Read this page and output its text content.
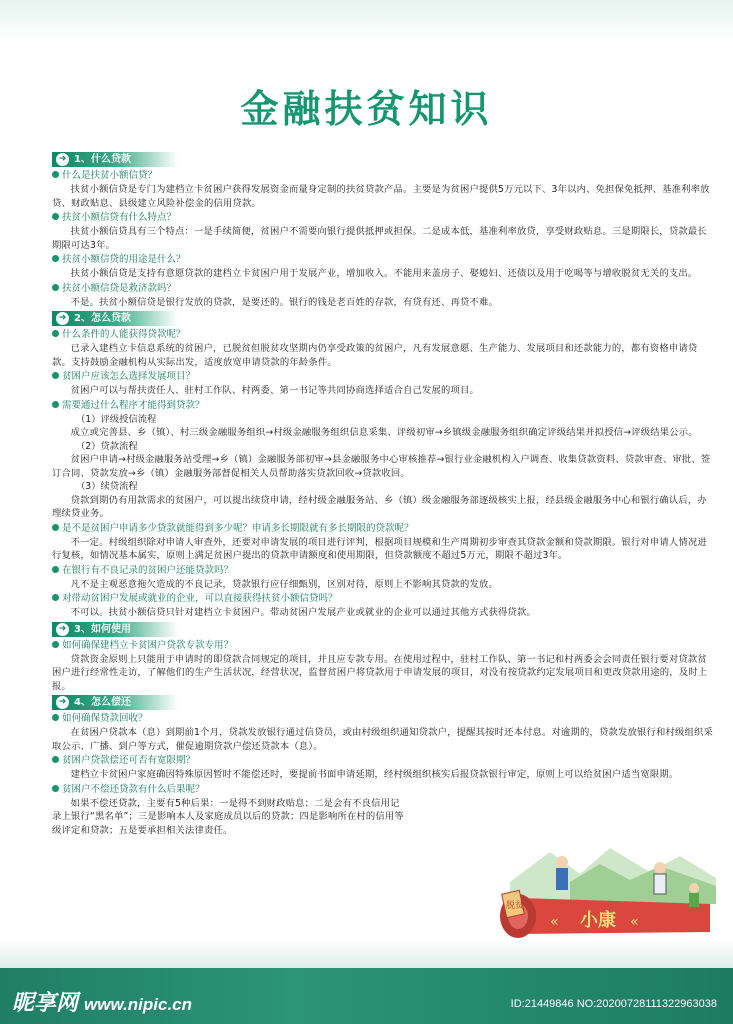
金融扶贫知识
➜ 1、什么贷款
什么是扶贫小额信贷？

扶贫小额信贷是专门为建档立卡贫困户获得发展资金而量身定制的扶贫贷款产品。主要是为贫困户提供5万元以下、3年以内、免担保免抵押、基准利率放贷、财政贴息、县级建立风险补偿金的信用贷款。

扶贫小额信贷有什么特点？

扶贫小额信贷具有三个特点：一是手续简便，贫困户不需要向银行提供抵押或担保。二是成本低，基准利率放贷，享受财政贴息。三是期限长，贷款最长期限可达3年。

扶贫小额信贷的用途是什么？

扶贫小额信贷是支持有意愿贷款的建档立卡贫困户用于发展产业，增加收入。不能用来盖房子、娶媳妇、还债以及用于吃喝等与增收脱贫无关的支出。

扶贫小额信贷是救济款吗？

不是。扶贫小额信贷是银行发放的贷款，是要还的。银行的钱是老百姓的存款，有贷有还、再贷不难。

➜ 2、怎么贷款
什么条件的人能获得贷款呢？

已录入建档立卡信息系统的贫困户，已脱贫但脱贫攻坚期内仍享受政策的贫困户，凡有发展意愿、生产能力、发展项目和还款能力的，都有资格申请贷款。支持鼓励金融机构从实际出发，适度放宽申请贷款的年龄条件。

贫困户应该怎么选择发展项目？

贫困户可以与帮扶责任人、驻村工作队、村两委、第一书记等共同协商选择适合自己发展的项目。

需要通过什么程序才能得到贷款？
（1）评级授信流程

成立或完善县、乡（镇）、村三级金融服务组织→村级金融服务组织信息采集、评级初审→乡镇级金融服务组织确定评级结果并拟授信→评级结果公示。

（2）贷款流程

贫困户申请→村级金融服务站受理→乡（镇）金融服务部初审→县金融服务中心审核推荐→银行业金融机构入户调查、收集贷款资料、贷款审查、审批、签订合同、贷款发放→乡（镇）金融服务部督促相关人员帮助落实贷款回收→贷款收回。

（3）续贷流程

贷款到期仍有用款需求的贫困户，可以提出续贷申请，经村级金融服务站、乡（镇）级金融服务部逐级核实上报，经县级金融服务中心和银行确认后，办理续贷业务。

是不是贫困户申请多少贷款就能得到多少呢？申请多长期限就有多长期限的贷款呢？

不一定。村级组织除对申请人审查外，还要对申请发展的项目进行评判，根据项目规模和生产周期初步审查其贷款金额和贷款期限。银行对申请人情况进行复核，如情况基本属实，原则上满足贫困户提出的贷款申请额度和使用期限，但贷款额度不超过5万元，期限不超过3年。

在银行有不良记录的贫困户还能贷款吗？

凡不是主观恶意拖欠造成的不良记录，贷款银行应仔细甄别，区别对待，原则上不影响其贷款的发放。

对带动贫困户发展或就业的企业，可以直接获得扶贫小额信贷吗？

不可以。扶贫小额信贷只针对建档立卡贫困户。带动贫困户发展产业或就业的企业可以通过其他方式获得贷款。

➜ 3、如何使用
如何确保建档立卡贫困户贷款专款专用？

贷款资金原则上只能用于申请时的即贷款合同规定的项目，并且应专款专用。在使用过程中，驻村工作队、第一书记和村两委会会同责任银行要对贷款贫困户进行经常性走访，了解他们的生产生活状况，经营状况，监督贫困户将贷款用于申请发展的项目，对没有按贷款约定发展项目和更改贷款用途的，及时上报。

➜ 4、怎么偿还
如何确保贷款回收？

在贫困户贷款本（息）到期前1个月，贷款发放银行通过信贷员，或由村级组织通知贷款户，提醒其按时还本付息。对逾期的，贷款发放银行和村级组织采取公示、广播、到户等方式，催促逾期贷款户偿还贷款本（息）。

贫困户贷款偿还可否有宽限期？

建档立卡贫困户家庭确因特殊原因暂时不能偿还时，要提前书面申请延期，经村级组织核实后报贷款银行审定，原则上可以给贫困户适当宽限期。

贫困户不偿还贷款有什么后果呢？

如果不偿还贷款，主要有5种后果：一是得不到财政贴息；二是会有不良信用记录上银行“黑名单”；三是影响本人及家庭成员以后的贷款；四是影响所在村的信用等级评定和贷款；五是要承担相关法律责任。

脱贫
小康
«	«
昵享网 www.nipic.cn	ID:21449846 NO:20200728111322963038
